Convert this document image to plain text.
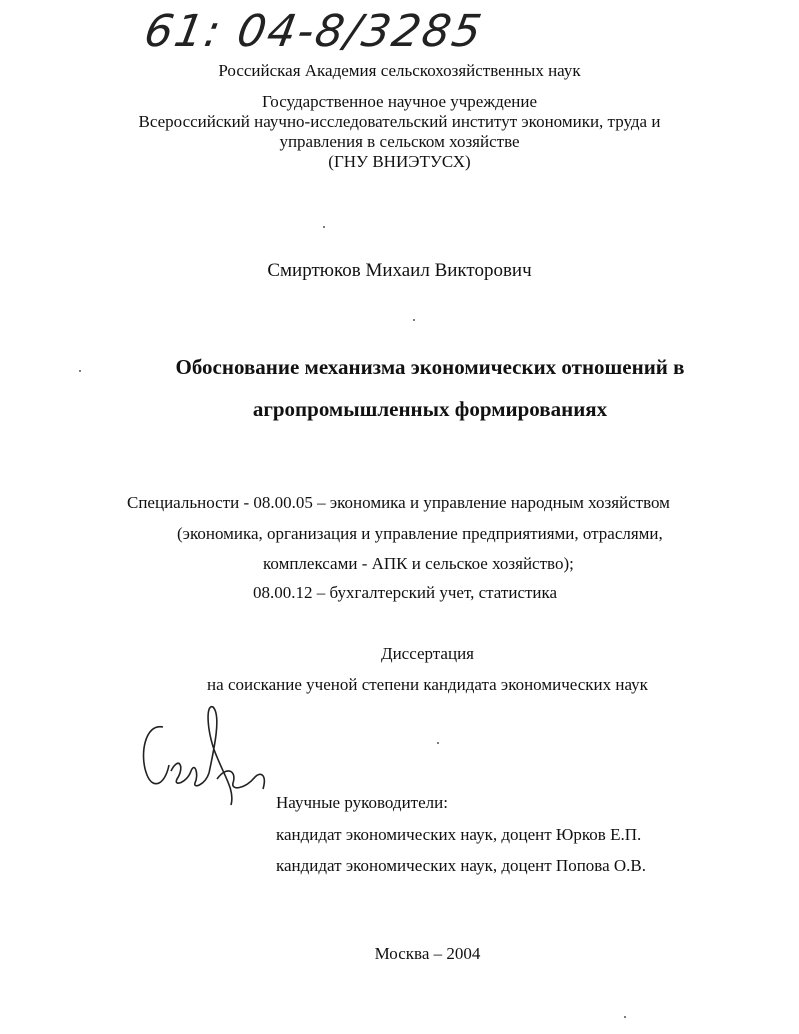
61: 04-8/3285
Российская Академия сельскохозяйственных наук
Государственное научное учреждение
Всероссийский научно-исследовательский институт экономики, труда и
управления в сельском хозяйстве
(ГНУ ВНИЭТУСХ)
Смиртюков Михаил Викторович
Обоснование механизма экономических отношений в
агропромышленных формированиях
Специальности - 08.00.05 – экономика и управление народным хозяйством
(экономика, организация и управление предприятиями, отраслями,
комплексами - АПК и сельское хозяйство);
08.00.12 – бухгалтерский учет, статистика
Диссертация
на соискание ученой степени кандидата экономических наук
Научные руководители:
кандидат экономических наук, доцент Юрков Е.П.
кандидат экономических наук, доцент Попова О.В.
Москва – 2004
